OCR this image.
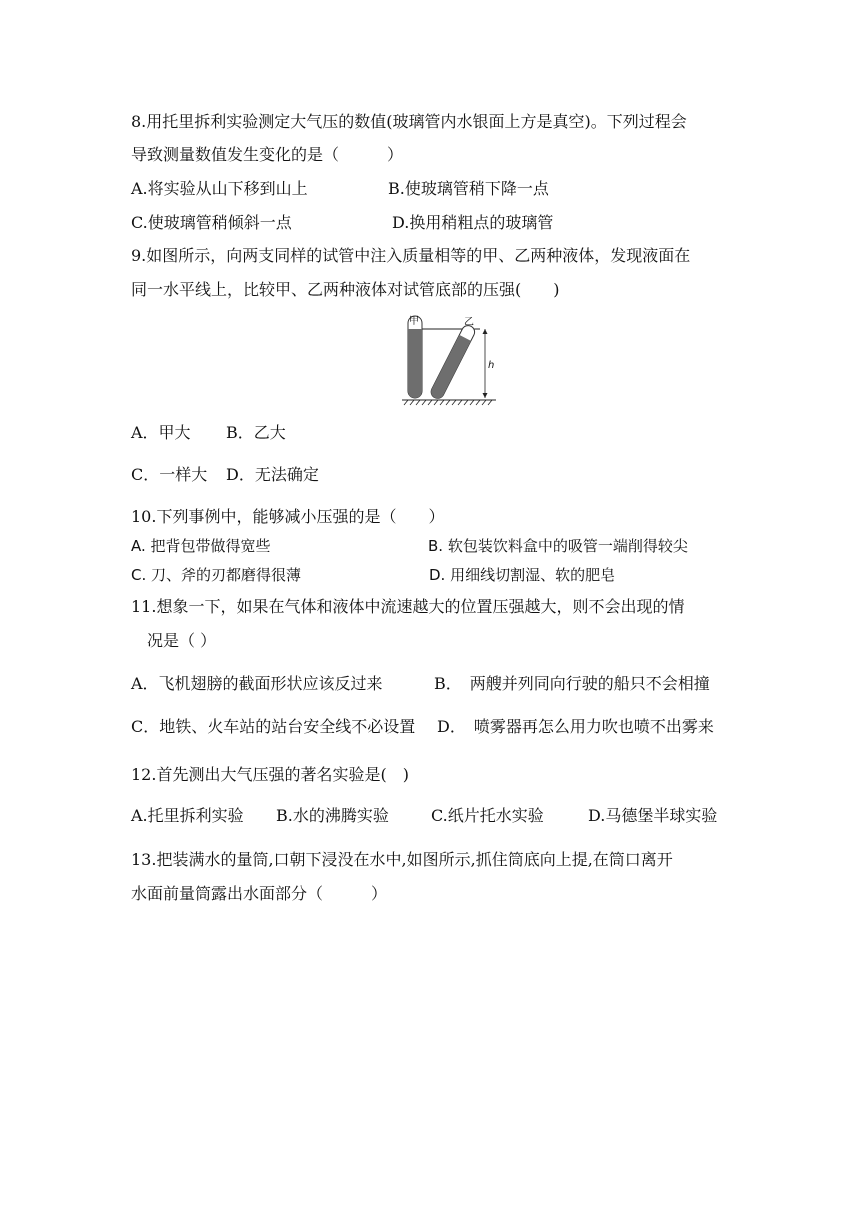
8.用托里拆利实验测定大气压的数值(玻璃管内水银面上方是真空)。下列过程会
导致测量数值发生变化的是（　　　）
A.将实验从山下移到山上	B.使玻璃管稍下降一点
C.使玻璃管稍倾斜一点	D.换用稍粗点的玻璃管
9.如图所示，向两支同样的试管中注入质量相等的甲、乙两种液体，发现液面在
同一水平线上，比较甲、乙两种液体对试管底部的压强(　　)
甲	乙
h
A．甲大 B．乙大
C．一样大 D．无法确定
10.下列事例中，能够减小压强的是（　　）
A. 把背包带做得宽些	B. 软包装饮料盒中的吸管一端削得较尖
C. 刀、斧的刃都磨得很薄	D. 用细线切割湿、软的肥皂
11.想象一下，如果在气体和液体中流速越大的位置压强越大，则不会出现的情
况是（ ）
A．飞机翅膀的截面形状应该反过来	B．　两艘并列同向行驶的船只不会相撞
C．地铁、火车站的站台安全线不必设置 D．　喷雾器再怎么用力吹也喷不出雾来
12.首先测出大气压强的著名实验是(　)
A.托里拆利实验 B.水的沸腾实验	C.纸片托水实验	D.马德堡半球实验
13.把装满水的量筒,口朝下浸没在水中,如图所示,抓住筒底向上提,在筒口离开
水面前量筒露出水面部分（　　　）
